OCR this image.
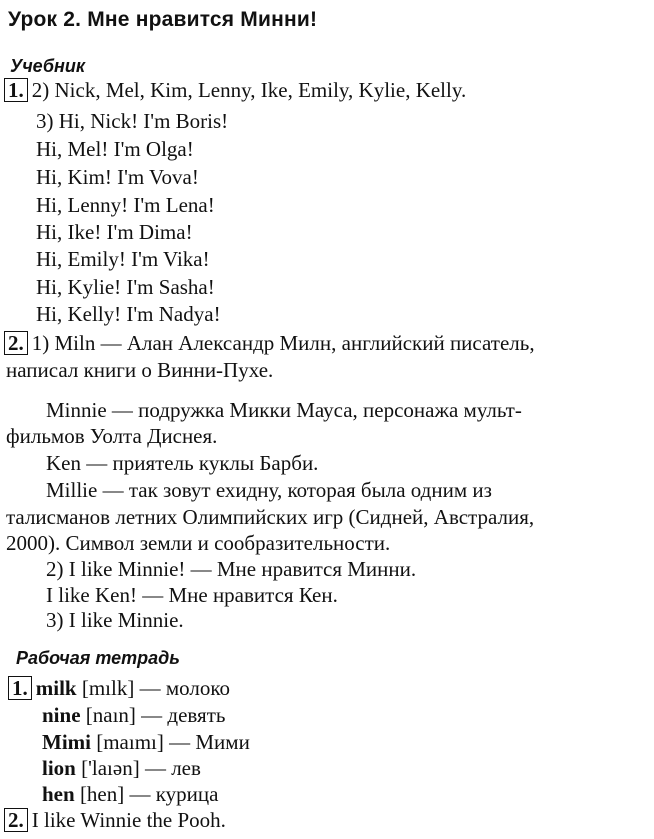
Урок 2. Мне нравится Минни!
Учебник
1. 2) Nick, Mel, Kim, Lenny, Ike, Emily, Kylie, Kelly.
3) Hi, Nick! I'm Boris!
Hi, Mel! I'm Olga!
Hi, Kim! I'm Vova!
Hi, Lenny! I'm Lena!
Hi, Ike! I'm Dima!
Hi, Emily! I'm Vika!
Hi, Kylie! I'm Sasha!
Hi, Kelly! I'm Nadya!
2. 1) Miln — Алан Александр Милн, английский писатель,
написал книги о Винни-Пухе.
Minnie — подружка Микки Мауса, персонажа мульт-
фильмов Уолта Диснея.
Ken — приятель куклы Барби.
Millie — так зовут ехидну, которая была одним из
талисманов летних Олимпийских игр (Сидней, Австралия,
2000). Символ земли и сообразительности.
2) I like Minnie! — Мне нравится Минни.
I like Ken! — Мне нравится Кен.
3) I like Minnie.
Рабочая тетрадь
1. milk [mılk] — молоко
nine [naın] — девять
Mimi [maımı] — Мими
lion ['laıən] — лев
hen [hen] — курица
2. I like Winnie the Pooh.
